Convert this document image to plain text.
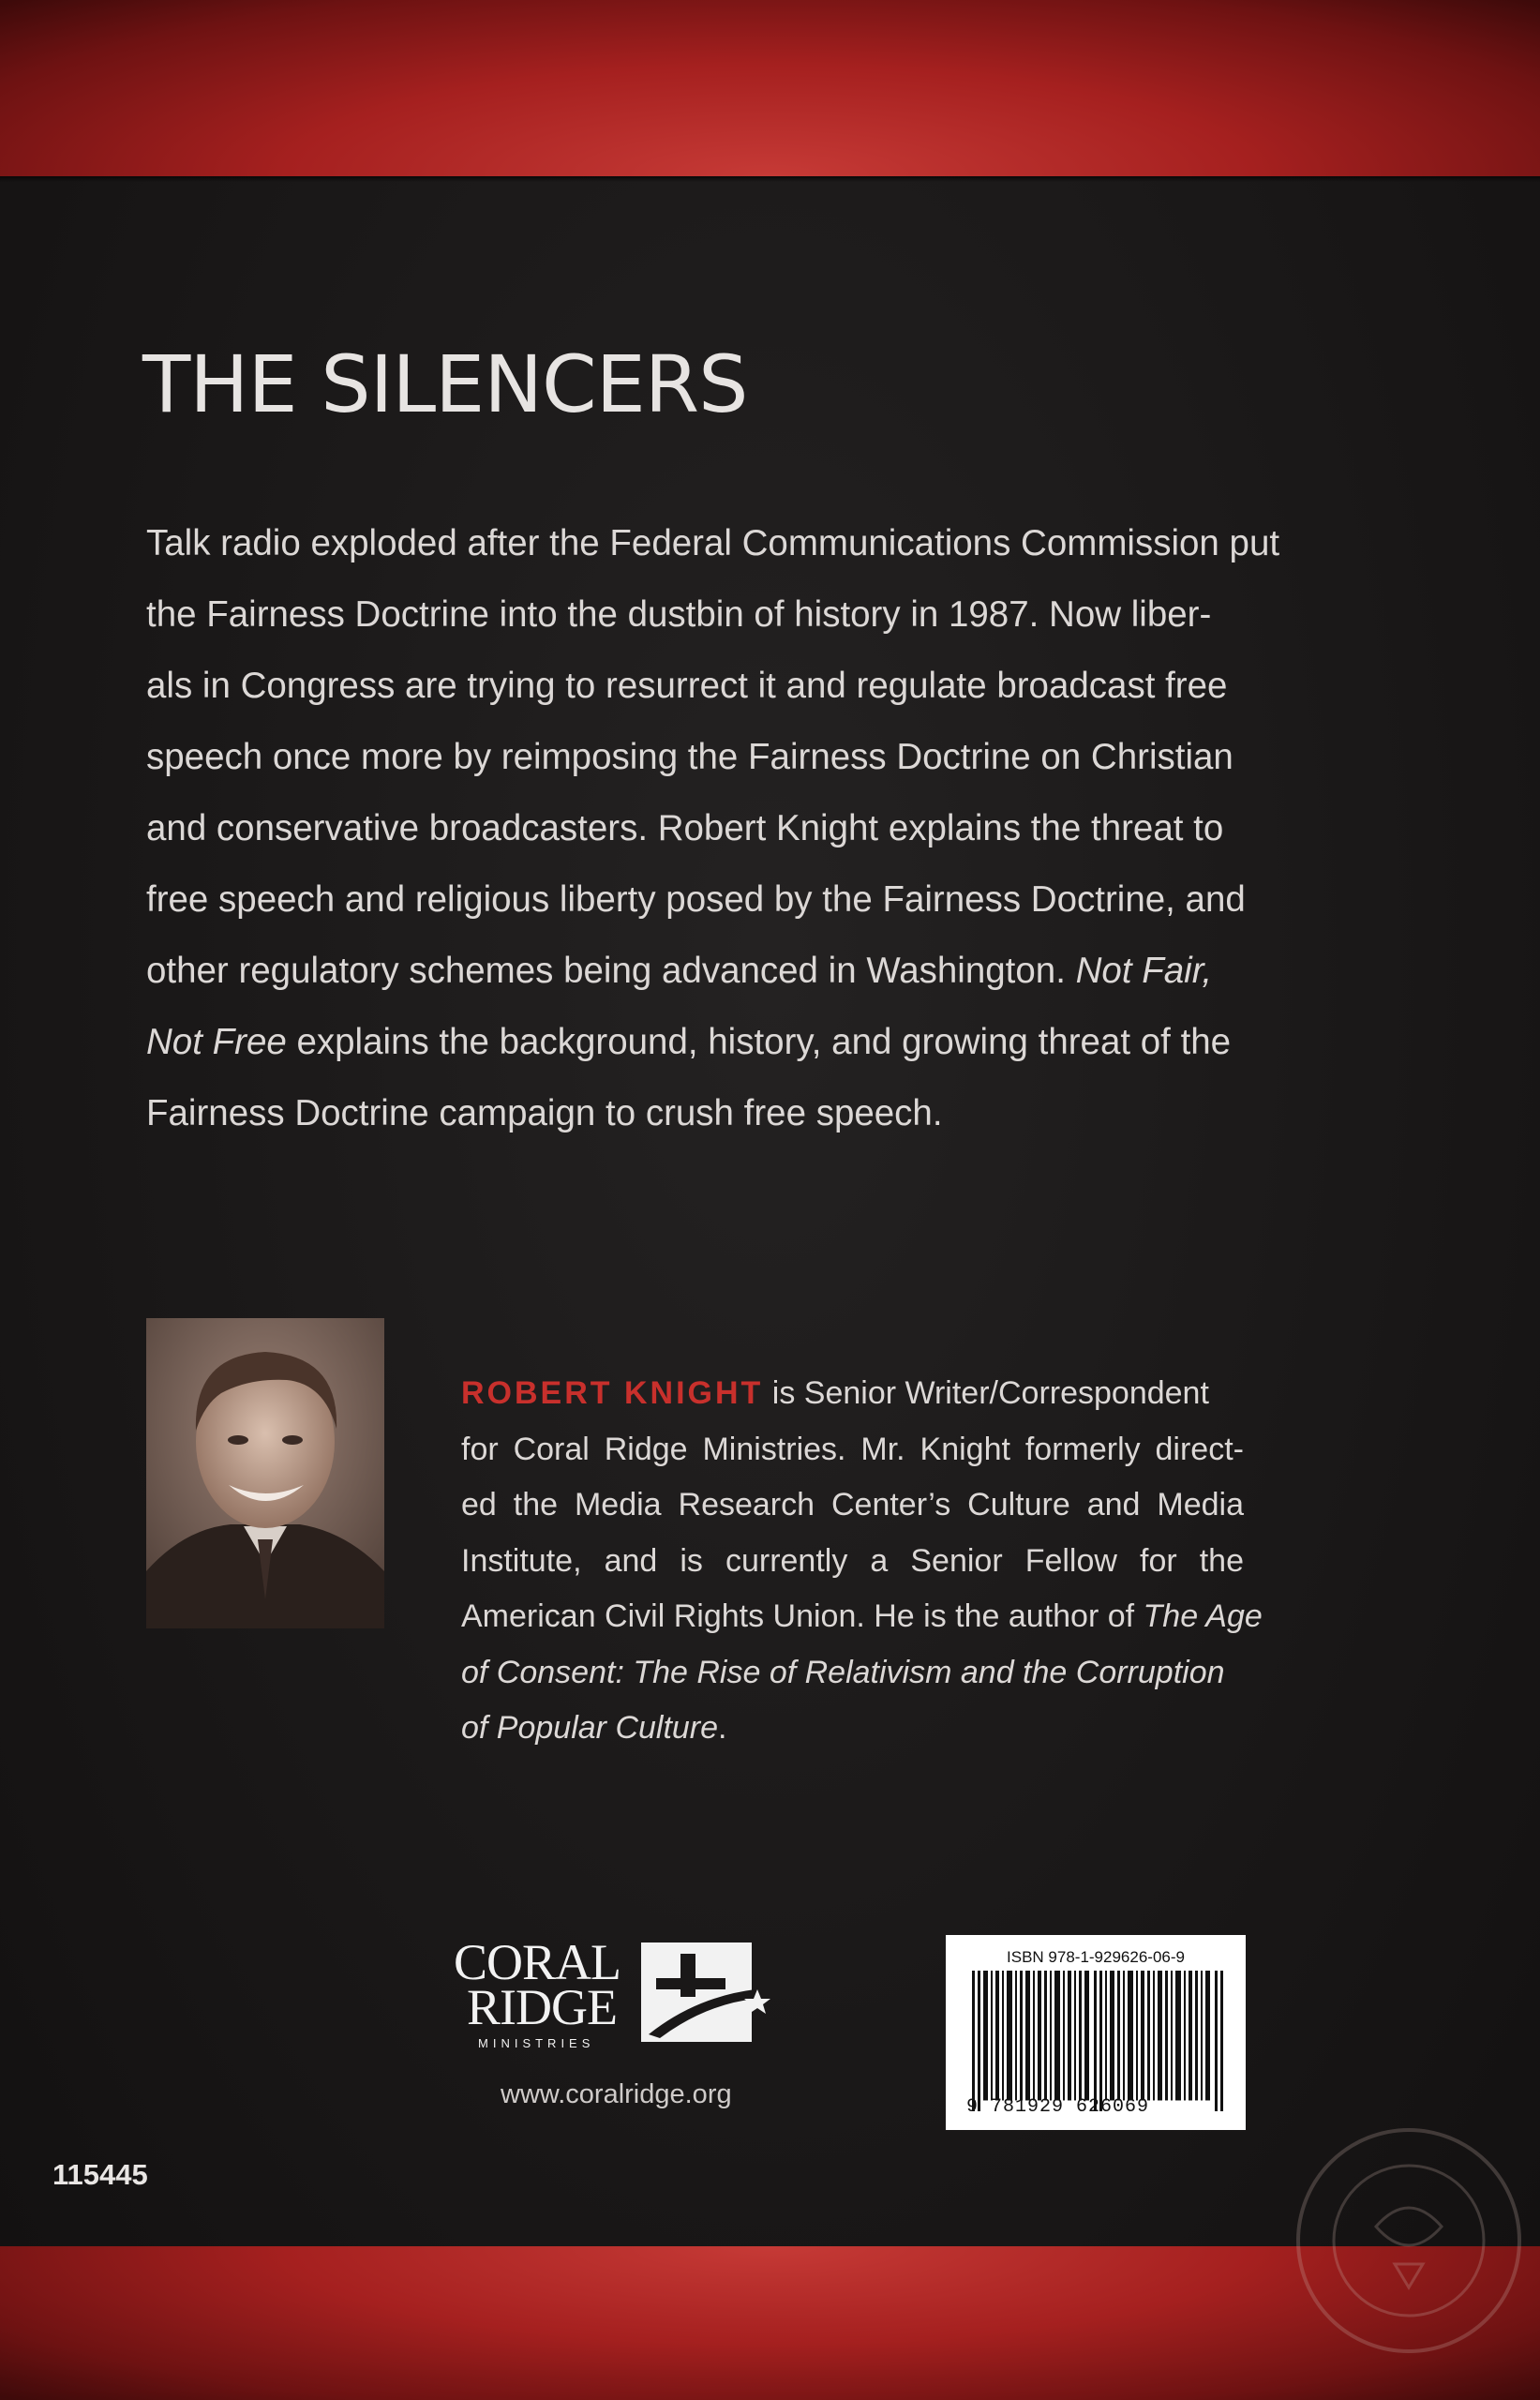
THE SILENCERS
Talk radio exploded after the Federal Communications Commission put
the Fairness Doctrine into the dustbin of history in 1987. Now liber-
als in Congress are trying to resurrect it and regulate broadcast free
speech once more by reimposing the Fairness Doctrine on Christian
and conservative broadcasters. Robert Knight explains the threat to
free speech and religious liberty posed by the Fairness Doctrine, and
other regulatory schemes being advanced in Washington. Not Fair,
Not Free explains the background, history, and growing threat of the
Fairness Doctrine campaign to crush free speech.
ROBERT KNIGHT is Senior Writer/Correspondent
for Coral Ridge Ministries. Mr. Knight formerly direct-
ed the Media Research Center’s Culture and Media
Institute, and is currently a Senior Fellow for the
American Civil Rights Union. He is the author of The Age
of Consent: The Rise of Relativism and the Corruption
of Popular Culture.
CORAL
RIDGE
MINISTRIES
www.coralridge.org
ISBN 978-1-929626-06-9
9 781929 626069
115445
